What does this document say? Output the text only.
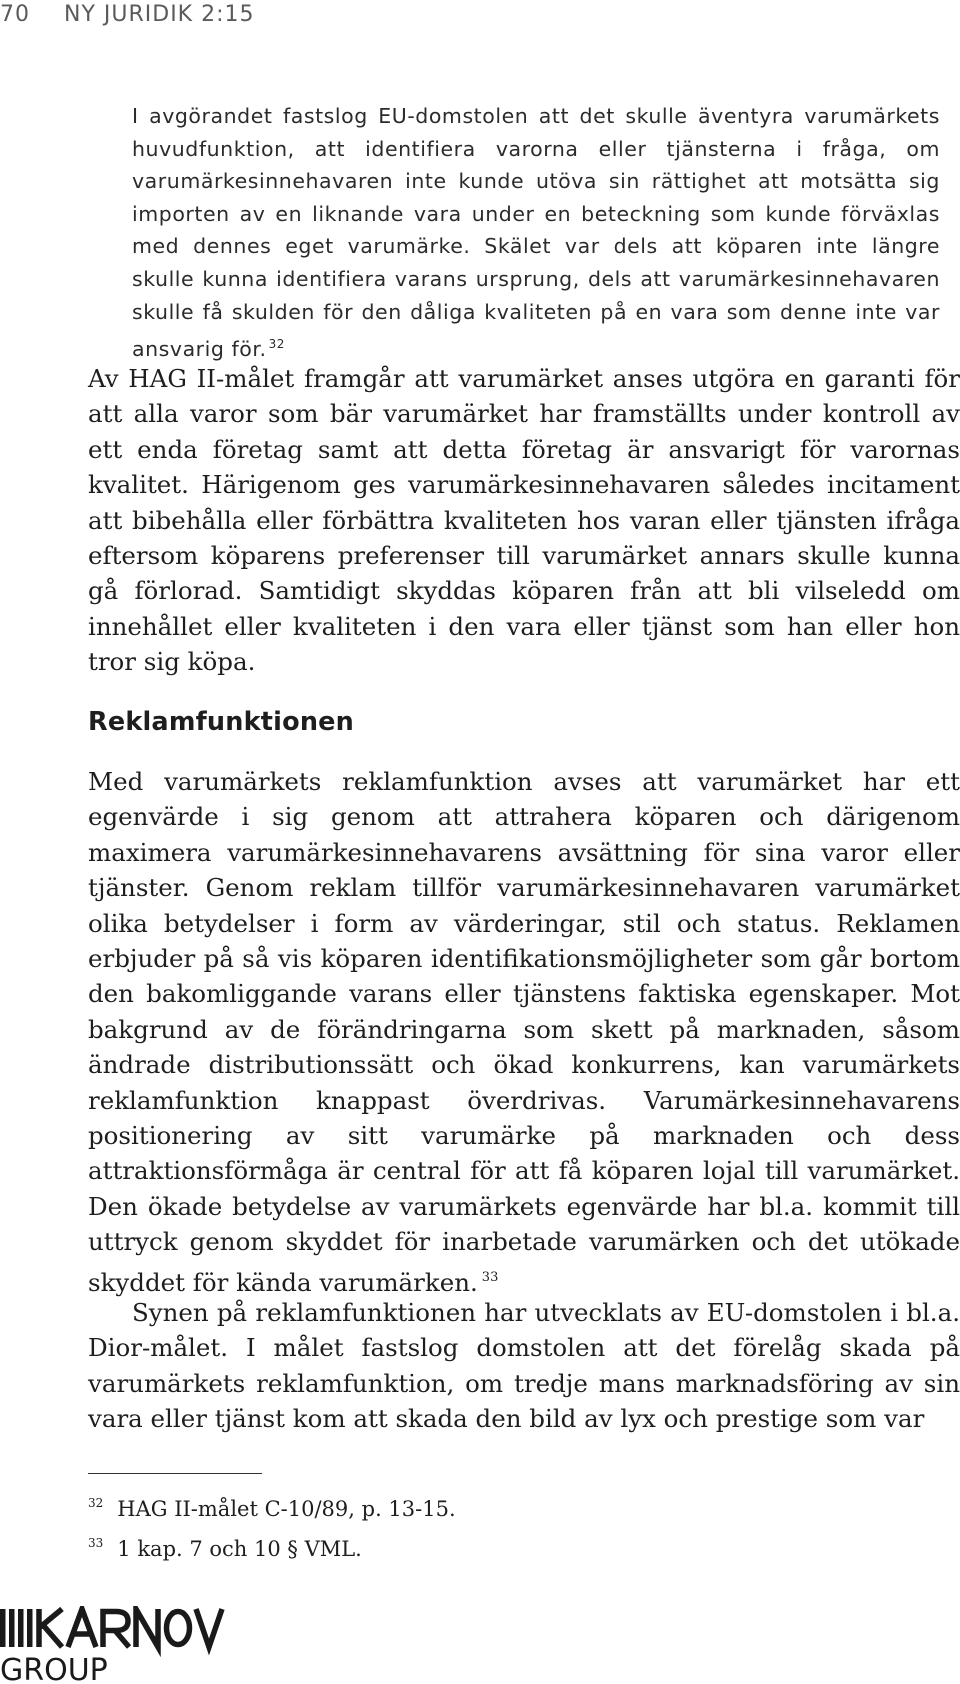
70 NY JURIDIK 2:15

I avgörandet fastslog EU-domstolen att det skulle äventyra varumärkets huvudfunktion, att identifiera varorna eller tjänsterna i fråga, om varumärkesinnehavaren inte kunde utöva sin rättighet att motsätta sig importen av en liknande vara under en beteckning som kunde förväxlas med dennes eget varumärke. Skälet var dels att köparen inte längre skulle kunna identifiera varans ursprung, dels att varumärkesinnehavaren skulle få skulden för den dåliga kvaliteten på en vara som denne inte var ansvarig för. $^{32}$

Av HAG II-målet framgår att varumärket anses utgöra en garanti för att alla varor som bär varumärket har framställts under kontroll av ett enda företag samt att detta företag är ansvarigt för varornas kvalitet. Härigenom ges varumärkesinnehavaren således incitament att bibehålla eller förbättra kvaliteten hos varan eller tjänsten ifråga eftersom köparens preferenser till varumärket annars skulle kunna gå förlorad. Samtidigt skyddas köparen från att bli vilseledd om innehållet eller kvaliteten i den vara eller tjänst som han eller hon tror sig köpa.

Reklamfunktionen

Med varumärkets reklamfunktion avses att varumärket har ett egenvärde i sig genom att attrahera köparen och därigenom maximera varumärkesinnehavarens avsättning för sina varor eller tjänster. Genom reklam tillför varumärkesinnehavaren varumärket olika betydelser i form av värderingar, stil och status. Reklamen erbjuder på så vis köparen identifikationsmöjligheter som går bortom den bakomliggande varans eller tjänstens faktiska egenskaper. Mot bakgrund av de förändringarna som skett på marknaden, såsom ändrade distributionssätt och ökad konkurrens, kan varumärkets reklamfunktion knappast överdrivas. Varumärkesinnehavarens positionering av sitt varumärke på marknaden och dess attraktionsförmåga är central för att få köparen lojal till varumärket. Den ökade betydelse av varumärkets egenvärde har bl.a. kommit till uttryck genom skyddet för inarbetade varumärken och det utökade skyddet för kända varumärken. $^{33}$

Synen på reklamfunktionen har utvecklats av EU-domstolen i bl.a. Dior-målet. I målet fastslog domstolen att det förelåg skada på varumärkets reklamfunktion, om tredje mans marknadsföring av sin vara eller tjänst kom att skada den bild av lyx och prestige som var

$^{32}$ HAG II-målet C-10/89, p. 13-15.

$^{33}$ 1 kap. 7 och 10 § VML.

GROUP
